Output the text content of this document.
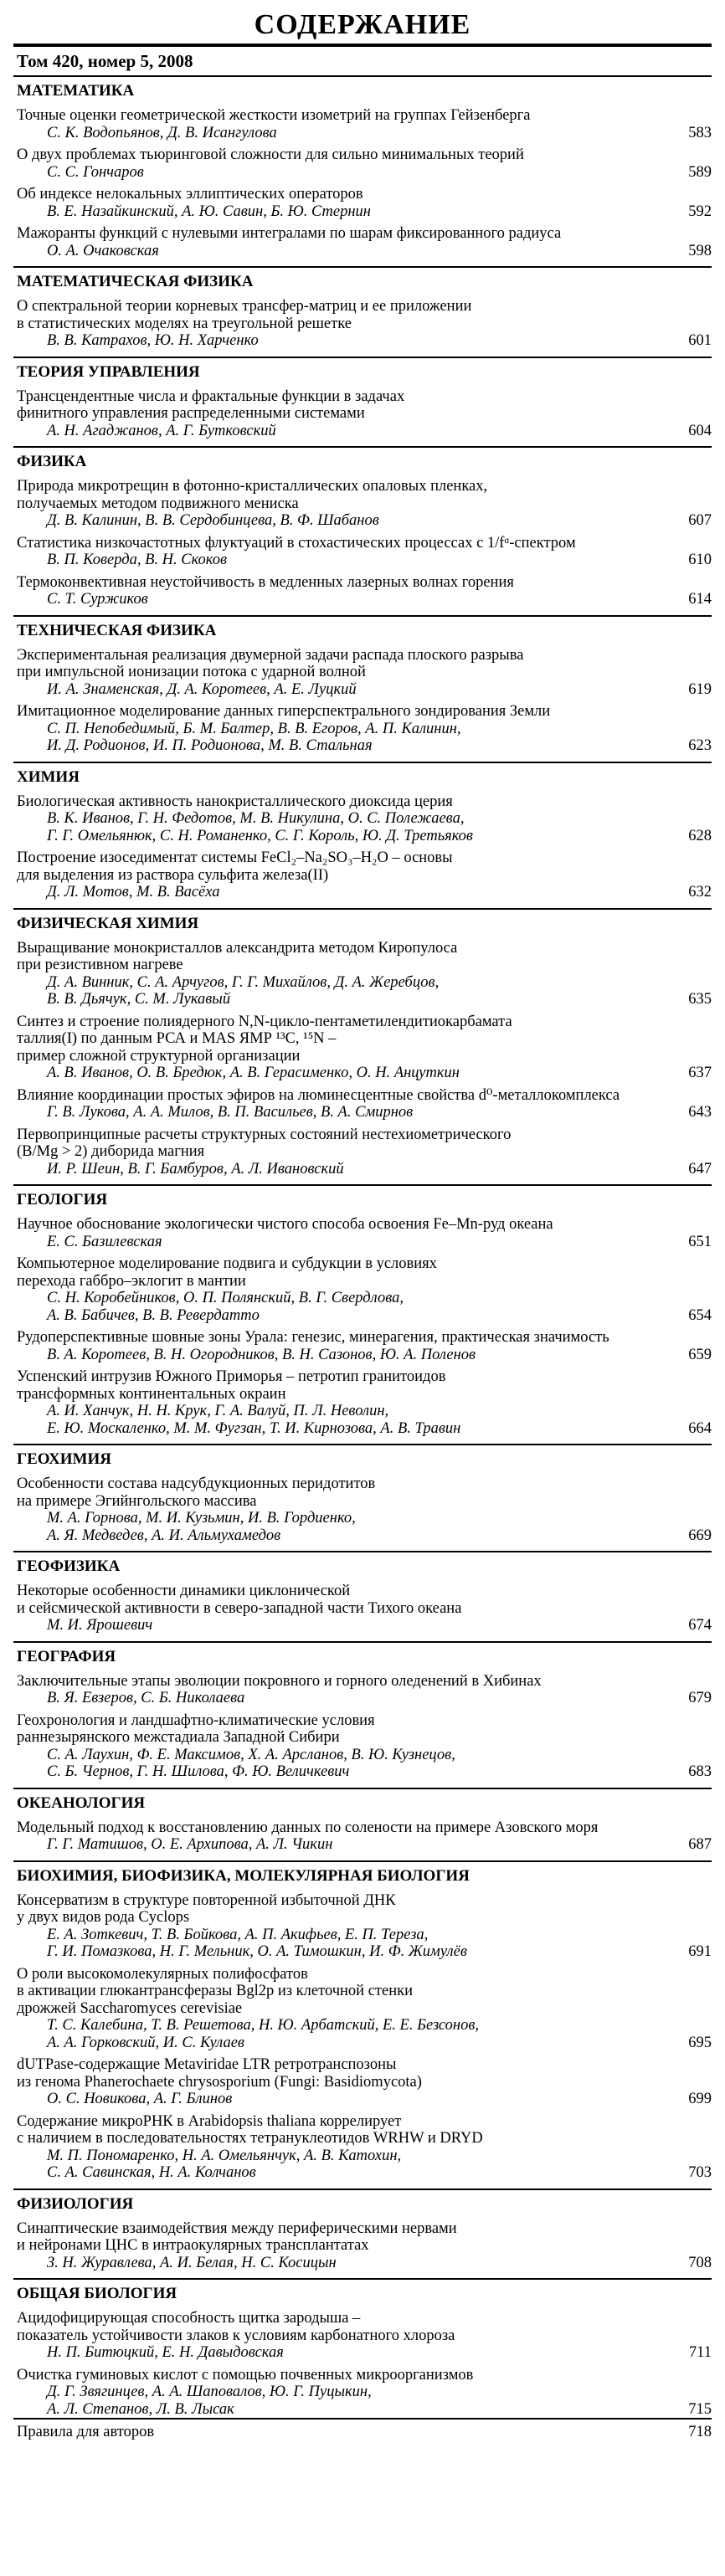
СОДЕРЖАНИЕ
Том 420, номер 5, 2008
МАТЕМАТИКА
Точные оценки геометрической жесткости изометрий на группах Гейзенберга
С. К. Водопьянов, Д. В. Исангулова	583
О двух проблемах тьюринговой сложности для сильно минимальных теорий
С. С. Гончаров	589
Об индексе нелокальных эллиптических операторов
В. Е. Назайкинский, А. Ю. Савин, Б. Ю. Стернин	592
Мажоранты функций с нулевыми интегралами по шарам фиксированного радиуса
О. А. Очаковская	598
МАТЕМАТИЧЕСКАЯ ФИЗИКА
О спектральной теории корневых трансфер-матриц и ее приложении
в статистических моделях на треугольной решетке
В. В. Катрахов, Ю. Н. Харченко	601
ТЕОРИЯ УПРАВЛЕНИЯ
Трансцендентные числа и фрактальные функции в задачах
финитного управления распределенными системами
А. Н. Агаджанов, А. Г. Бутковский	604
ФИЗИКА
Природа микротрещин в фотонно-кристаллических опаловых пленках,
получаемых методом подвижного мениска
Д. В. Калинин, В. В. Сердобинцева, В. Ф. Шабанов	607
Статистика низкочастотных флуктуаций в стохастических процессах с 1/fᵅ-спектром
В. П. Коверда, В. Н. Скоков	610
Термоконвективная неустойчивость в медленных лазерных волнах горения
С. Т. Суржиков	614
ТЕХНИЧЕСКАЯ ФИЗИКА
Экспериментальная реализация двумерной задачи распада плоского разрыва
при импульсной ионизации потока с ударной волной
И. А. Знаменская, Д. А. Коротеев, А. Е. Луцкий	619
Имитационное моделирование данных гиперспектрального зондирования Земли
С. П. Непобедимый, Б. М. Балтер, В. В. Егоров, А. П. Калинин,
И. Д. Родионов, И. П. Родионова, М. В. Стальная	623
ХИМИЯ
Биологическая активность нанокристаллического диоксида церия
В. К. Иванов, Г. Н. Федотов, М. В. Никулина, О. С. Полежаева,
Г. Г. Омельянюк, С. Н. Романенко, С. Г. Король, Ю. Д. Третьяков	628
Построение изоседиментат системы FeCl₂–Na₂SO₃–H₂O – основы
для выделения из раствора сульфита железа(II)
Д. Л. Мотов, М. В. Васёха	632
ФИЗИЧЕСКАЯ ХИМИЯ
Выращивание монокристаллов александрита методом Киропулоса
при резистивном нагреве
Д. А. Винник, С. А. Арчугов, Г. Г. Михайлов, Д. А. Жеребцов,
В. В. Дьячук, С. М. Лукавый	635
Синтез и строение полиядерного N,N-цикло-пентаметилендитиокарбамата
таллия(I) по данным РСА и MAS ЯМР ¹³C, ¹⁵N –
пример сложной структурной организации
А. В. Иванов, О. В. Бредюк, А. В. Герасименко, О. Н. Анцуткин	637
Влияние координации простых эфиров на люминесцентные свойства d⁰-металлокомплекса
Г. В. Лукова, А. А. Милов, В. П. Васильев, В. А. Смирнов	643
Первопринципные расчеты структурных состояний нестехиометрического
(B/Mg > 2) диборида магния
И. Р. Шеин, В. Г. Бамбуров, А. Л. Ивановский	647
ГЕОЛОГИЯ
Научное обоснование экологически чистого способа освоения Fe–Mn-руд океана
Е. С. Базилевская	651
Компьютерное моделирование подвига и субдукции в условиях
перехода габбро–эклогит в мантии
С. Н. Коробейников, О. П. Полянский, В. Г. Свердлова,
А. В. Бабичев, В. В. Ревердатто	654
Рудоперспективные шовные зоны Урала: генезис, минерагения, практическая значимость
В. А. Коротеев, В. Н. Огородников, В. Н. Сазонов, Ю. А. Поленов	659
Успенский интрузив Южного Приморья – петротип гранитоидов
трансформных континентальных окраин
А. И. Ханчук, Н. Н. Крук, Г. А. Валуй, П. Л. Неволин,
Е. Ю. Москаленко, М. М. Фугзан, Т. И. Кирнозова, А. В. Травин	664
ГЕОХИМИЯ
Особенности состава надсубдукционных перидотитов
на примере Эгийнгольского массива
М. А. Горнова, М. И. Кузьмин, И. В. Гордиенко,
А. Я. Медведев, А. И. Альмухамедов	669
ГЕОФИЗИКА
Некоторые особенности динамики циклонической
и сейсмической активности в северо-западной части Тихого океана
М. И. Ярошевич	674
ГЕОГРАФИЯ
Заключительные этапы эволюции покровного и горного оледенений в Хибинах
В. Я. Евзеров, С. Б. Николаева	679
Геохронология и ландшафтно-климатические условия
раннезырянского межстадиала Западной Сибири
С. А. Лаухин, Ф. Е. Максимов, Х. А. Арсланов, В. Ю. Кузнецов,
С. Б. Чернов, Г. Н. Шилова, Ф. Ю. Величкевич	683
ОКЕАНОЛОГИЯ
Модельный подход к восстановлению данных по солености на примере Азовского моря
Г. Г. Матишов, О. Е. Архипова, А. Л. Чикин	687
БИОХИМИЯ, БИОФИЗИКА, МОЛЕКУЛЯРНАЯ БИОЛОГИЯ
Консерватизм в структуре повторенной избыточной ДНК
у двух видов рода Cyclops
Е. А. Зоткевич, Т. В. Бойкова, А. П. Акифьев, Е. П. Тереза,
Г. И. Помазкова, Н. Г. Мельник, О. А. Тимошкин, И. Ф. Жимулёв	691
О роли высокомолекулярных полифосфатов
в активации глюкантрансферазы Bgl2p из клеточной стенки
дрожжей Saccharomyces cerevisiae
Т. С. Калебина, Т. В. Решетова, Н. Ю. Арбатский, Е. Е. Безсонов,
А. А. Горковский, И. С. Кулаев	695
dUTPase-содержащие Metaviridae LTR ретротранспозоны
из генома Phanerochaete chrysosporium (Fungi: Basidiomycota)
О. С. Новикова, А. Г. Блинов	699
Содержание микроРНК в Arabidopsis thaliana коррелирует
с наличием в последовательностях тетрануклеотидов WRHW и DRYD
М. П. Пономаренко, Н. А. Омельянчук, А. В. Катохин,
С. А. Савинская, Н. А. Колчанов	703
ФИЗИОЛОГИЯ
Синаптические взаимодействия между периферическими нервами
и нейронами ЦНС в интраокулярных трансплантатах
З. Н. Журавлева, А. И. Белая, Н. С. Косицын	708
ОБЩАЯ БИОЛОГИЯ
Ацидофицирующая способность щитка зародыша –
показатель устойчивости злаков к условиям карбонатного хлороза
Н. П. Битюцкий, Е. Н. Давыдовская	711
Очистка гуминовых кислот с помощью почвенных микроорганизмов
Д. Г. Звягинцев, А. А. Шаповалов, Ю. Г. Пуцыкин,
А. Л. Степанов, Л. В. Лысак	715
Правила для авторов	718
